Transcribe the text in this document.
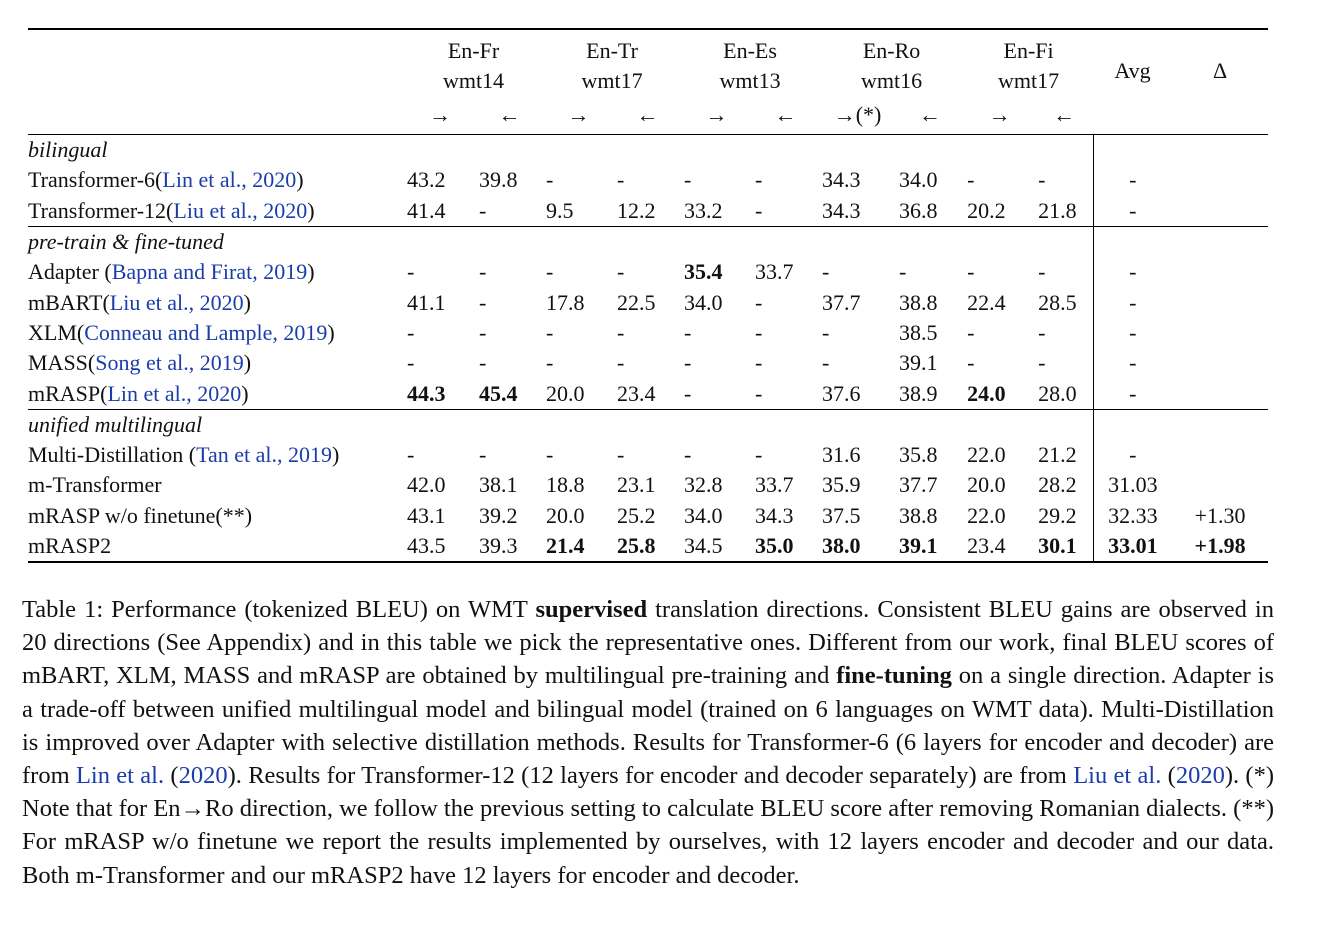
	En-Fr		En-Tr		En-Es		En-Ro		En-Fi		Avg	Δ
	wmt14		wmt17		wmt13		wmt16		wmt17			
	→	←	→	←	→	←	→(*)	←	→	←		
bilingual												
Transformer-6(Lin et al., 2020)	43.2	39.8	-	-	-	-	34.3	34.0	-	-	-	
Transformer-12(Liu et al., 2020)	41.4	-	9.5	12.2	33.2	-	34.3	36.8	20.2	21.8	-	
pre-train & fine-tuned												
Adapter (Bapna and Firat, 2019)	-	-	-	-	35.4	33.7	-	-	-	-	-	
mBART(Liu et al., 2020)	41.1	-	17.8	22.5	34.0	-	37.7	38.8	22.4	28.5	-	
XLM(Conneau and Lample, 2019)	-	-	-	-	-	-	-	38.5	-	-	-	
MASS(Song et al., 2019)	-	-	-	-	-	-	-	39.1	-	-	-	
mRASP(Lin et al., 2020)	44.3	45.4	20.0	23.4	-	-	37.6	38.9	24.0	28.0	-	
unified multilingual												
Multi-Distillation (Tan et al., 2019)	-	-	-	-	-	-	31.6	35.8	22.0	21.2	-	
m-Transformer	42.0	38.1	18.8	23.1	32.8	33.7	35.9	37.7	20.0	28.2	31.03	
mRASP w/o finetune(**)	43.1	39.2	20.0	25.2	34.0	34.3	37.5	38.8	22.0	29.2	32.33	+1.30
mRASP2	43.5	39.3	21.4	25.8	34.5	35.0	38.0	39.1	23.4	30.1	33.01	+1.98
Table 1: Performance (tokenized BLEU) on WMT supervised translation directions. Consistent BLEU gains are observed in 20 directions (See Appendix) and in this table we pick the representative ones. Different from our work, final BLEU scores of mBART, XLM, MASS and mRASP are obtained by multilingual pre-training and fine-tuning on a single direction. Adapter is a trade-off between unified multilingual model and bilingual model (trained on 6 languages on WMT data). Multi-Distillation is improved over Adapter with selective distillation methods. Results for Transformer-6 (6 layers for encoder and decoder) are from Lin et al. (2020). Results for Transformer-12 (12 layers for encoder and decoder separately) are from Liu et al. (2020). (*) Note that for En→Ro direction, we follow the previous setting to calculate BLEU score after removing Romanian dialects. (**) For mRASP w/o finetune we report the results implemented by ourselves, with 12 layers encoder and decoder and our data. Both m-Transformer and our mRASP2 have 12 layers for encoder and decoder.
